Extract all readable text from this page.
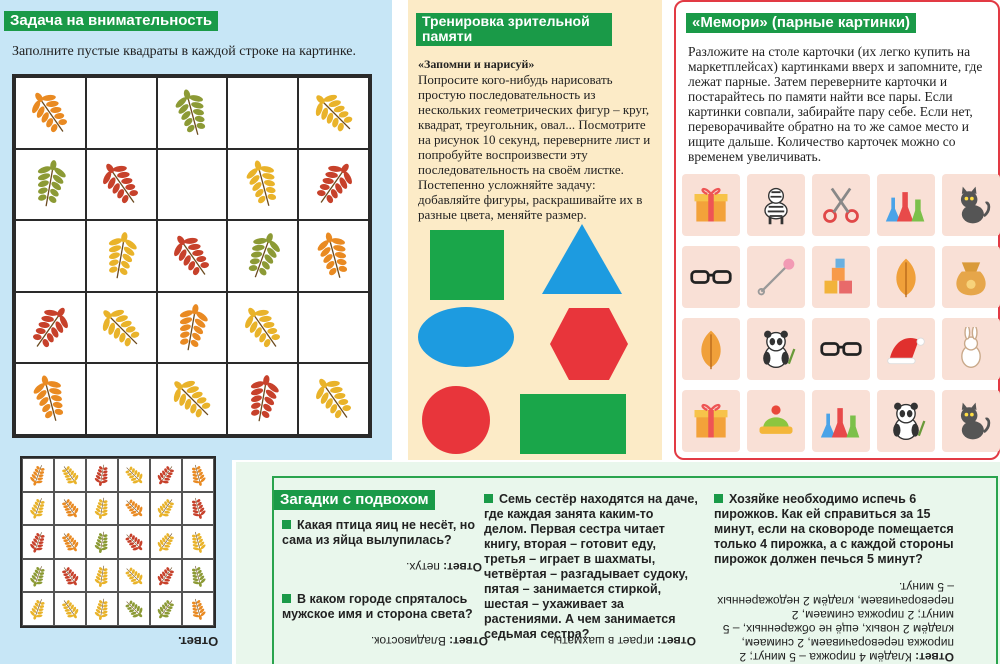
Задача на внимательность
Заполните пустые квадраты в каждой строке на картинке.
Ответ.
Тренировка зрительной памяти
«Запомни и нарисуй»
Попросите кого-нибудь нарисовать простую последовательность из нескольких геометрических фигур – круг, квадрат, треугольник, овал... Посмотрите на рисунок 10 секунд, переверните лист и попробуйте воспроизвести эту последовательность на своём листке. Постепенно усложняйте задачу: добавляйте фигуры, раскрашивайте их в разные цвета, меняйте размер.
«Мемори» (парные картинки)
Разложите на столе карточки (их легко купить на маркетплейсах) картинками вверх и запомните, где лежат парные. Затем переверните карточки и постарайтесь по памяти найти все пары. Если картинки совпали, забирайте пару себе. Если нет, переворачивайте обратно на то же самое место и ищите дальше. Количество карточек можно со временем увеличивать.
Загадки с подвохом
Какая птица яиц не несёт, но сама из яйца вылупилась?
Ответ: петух.
В каком городе спряталось мужское имя и сторона света?
Ответ: Владивосток.
Семь сестёр находятся на даче, где каждая занята каким-то делом. Первая сестра читает книгу, вторая – готовит еду, третья – играет в шахматы, четвёртая – разгадывает судоку, пятая – занимается стиркой, шестая – ухаживает за растениями. А чем занимается седьмая сестра?	Ответ: играет в шахматы.
Хозяйке необходимо испечь 6 пирожков. Как ей справиться за 15 минут, если на сковороде помещается только 4 пирожка, а с каждой стороны пирожок должен печься 5 минут?
Ответ: Кладём 4 пирожка – 5 минут; 2 пирожка переворачиваем, 2 снимаем, кладём 2 новых, ещё не обжаренных, – 5 минут; 2 пирожка снимаем, 2 переворачиваем, кладём 2 недожаренных – 5 минут.
